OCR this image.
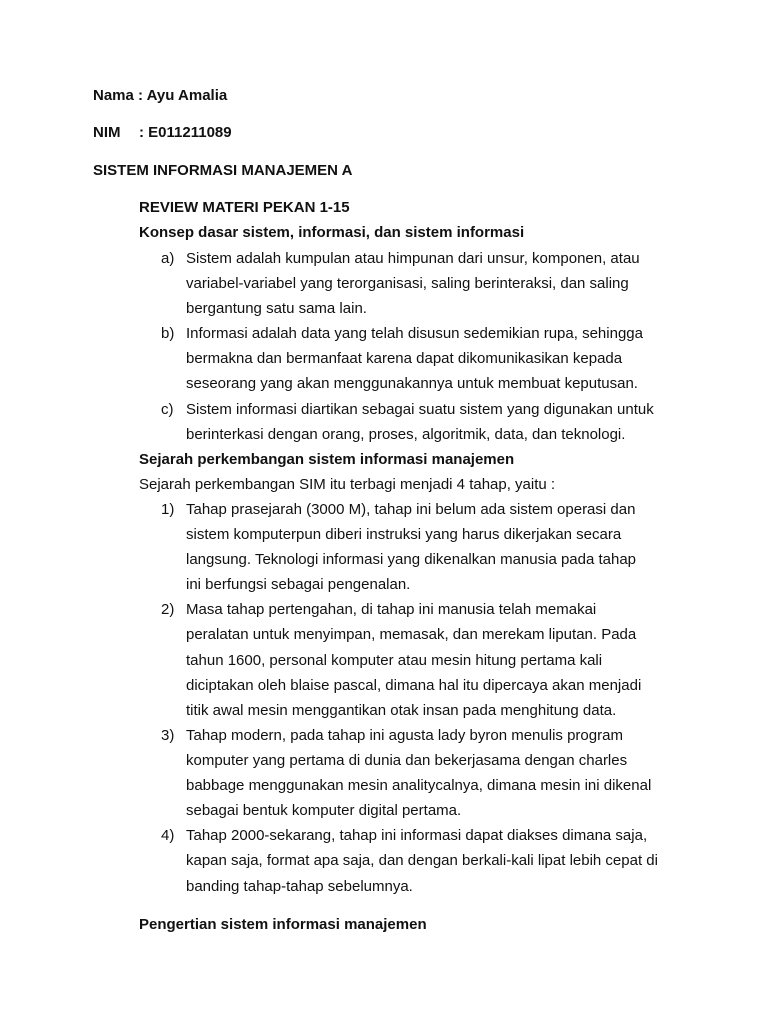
Nama : Ayu Amalia
NIM : E011211089
SISTEM INFORMASI MANAJEMEN A
REVIEW MATERI PEKAN 1-15
Konsep dasar sistem, informasi, dan sistem informasi
a) Sistem adalah kumpulan atau himpunan dari unsur, komponen, atau
variabel-variabel yang terorganisasi, saling berinteraksi, dan saling
bergantung satu sama lain.
b) Informasi adalah data yang telah disusun sedemikian rupa, sehingga
bermakna dan bermanfaat karena dapat dikomunikasikan kepada
seseorang yang akan menggunakannya untuk membuat keputusan.
c) Sistem informasi diartikan sebagai suatu sistem yang digunakan untuk
berinterkasi dengan orang, proses, algoritmik, data, dan teknologi.
Sejarah perkembangan sistem informasi manajemen
Sejarah perkembangan SIM itu terbagi menjadi 4 tahap, yaitu :
1) Tahap prasejarah (3000 M), tahap ini belum ada sistem operasi dan
sistem komputerpun diberi instruksi yang harus dikerjakan secara
langsung. Teknologi informasi yang dikenalkan manusia pada tahap
ini berfungsi sebagai pengenalan.
2) Masa tahap pertengahan, di tahap ini manusia telah memakai
peralatan untuk menyimpan, memasak, dan merekam liputan. Pada
tahun 1600, personal komputer atau mesin hitung pertama kali
diciptakan oleh blaise pascal, dimana hal itu dipercaya akan menjadi
titik awal mesin menggantikan otak insan pada menghitung data.
3) Tahap modern, pada tahap ini agusta lady byron menulis program
komputer yang pertama di dunia dan bekerjasama dengan charles
babbage menggunakan mesin analitycalnya, dimana mesin ini dikenal
sebagai bentuk komputer digital pertama.
4) Tahap 2000-sekarang, tahap ini informasi dapat diakses dimana saja,
kapan saja, format apa saja, dan dengan berkali-kali lipat lebih cepat di
banding tahap-tahap sebelumnya.
Pengertian sistem informasi manajemen
